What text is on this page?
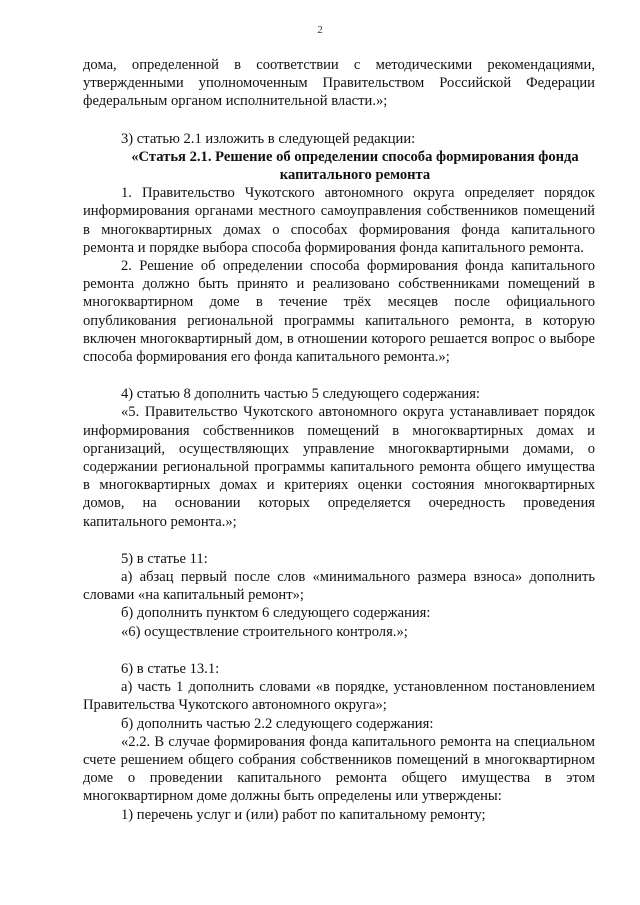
2

дома, определенной в соответствии с методическими рекомендациями, утвержденными уполномоченным Правительством Российской Федерации федеральным органом исполнительной власти.»;

3) статью 2.1 изложить в следующей редакции:

«Статья 2.1. Решение об определении способа формирования фонда капитального ремонта

1. Правительство Чукотского автономного округа определяет порядок информирования органами местного самоуправления собственников помещений в многоквартирных домах о способах формирования фонда капитального ремонта и порядке выбора способа формирования фонда капитального ремонта.

2. Решение об определении способа формирования фонда капитального ремонта должно быть принято и реализовано собственниками помещений в многоквартирном доме в течение трёх месяцев после официального опубликования региональной программы капитального ремонта, в которую включен многоквартирный дом, в отношении которого решается вопрос о выборе способа формирования его фонда капитального ремонта.»;

4) статью 8 дополнить частью 5 следующего содержания:

«5. Правительство Чукотского автономного округа устанавливает порядок информирования собственников помещений в многоквартирных домах и организаций, осуществляющих управление многоквартирными домами, о содержании региональной программы капитального ремонта общего имущества в многоквартирных домах и критериях оценки состояния многоквартирных домов, на основании которых определяется очередность проведения капитального ремонта.»;

5) в статье 11:

а) абзац первый после слов «минимального размера взноса» дополнить словами «на капитальный ремонт»;

б) дополнить пунктом 6 следующего содержания:

«6) осуществление строительного контроля.»;

6) в статье 13.1:

а) часть 1 дополнить словами «в порядке, установленном постановлением Правительства Чукотского автономного округа»;

б) дополнить частью 2.2 следующего содержания:

«2.2. В случае формирования фонда капитального ремонта на специальном счете решением общего собрания собственников помещений в многоквартирном доме о проведении капитального ремонта общего имущества в этом многоквартирном доме должны быть определены или утверждены:

1) перечень услуг и (или) работ по капитальному ремонту;
